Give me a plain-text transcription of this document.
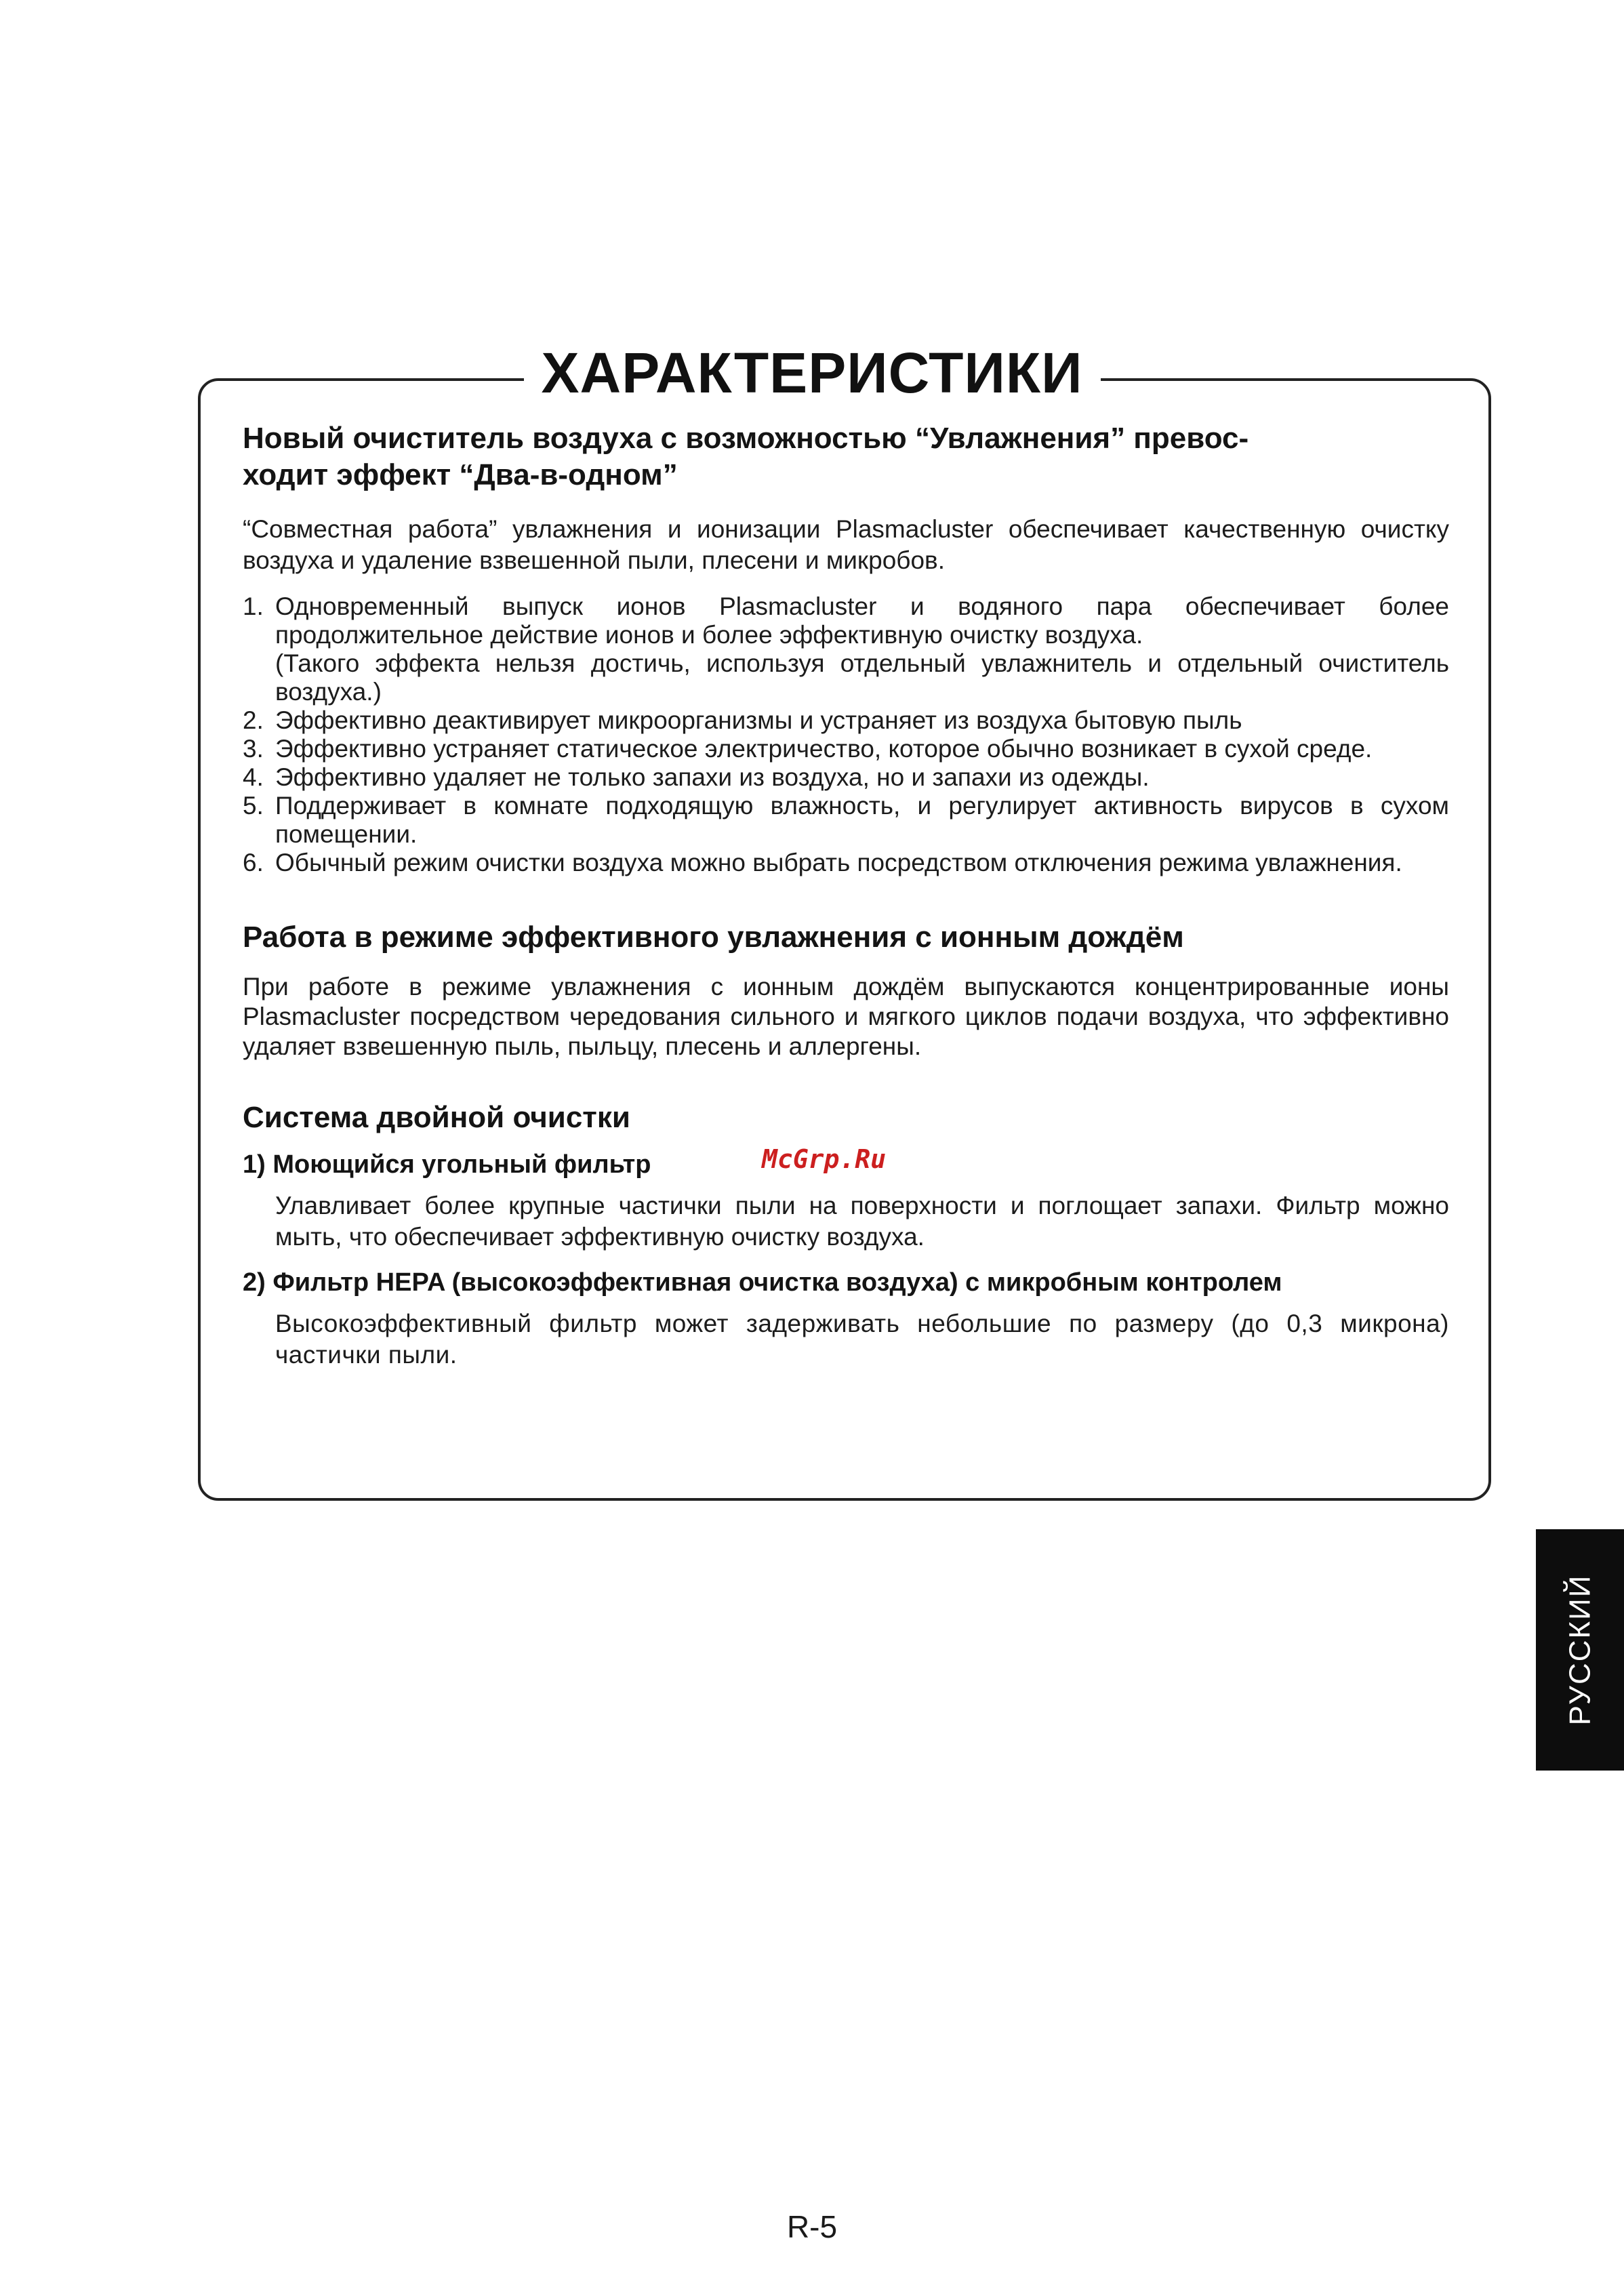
ХАРАКТЕРИСТИКИ
Новый очиститель воздуха с возможностью “Увлажнения” превос-
ходит эффект “Два-в-одном”

“Совместная работа” увлажнения и ионизации Plasmacluster обеспечивает качественную очистку воздуха и удаление взвешенной пыли, плесени и микробов.

1. Одновременный выпуск ионов Plasmacluster и водяного пара обеспечивает более продолжительное действие ионов и более эффективную очистку воздуха.
(Такого эффекта нельзя достичь, используя отдельный увлажнитель и отдельный очиститель воздуха.)
2. Эффективно деактивирует микроорганизмы и устраняет из воздуха бытовую пыль
3. Эффективно устраняет статическое электричество, которое обычно возникает в сухой среде.
4. Эффективно удаляет не только запахи из воздуха, но и запахи из одежды.
5. Поддерживает в комнате подходящую влажность, и регулирует активность вирусов в сухом помещении.
6. Обычный режим очистки воздуха можно выбрать посредством отключения режима увлажнения.
Работа в режиме эффективного увлажнения с ионным дождём

При работе в режиме увлажнения с ионным дождём выпускаются концентрированные ионы Plasmacluster посредством чередования сильного и мягкого циклов подачи воздуха, что эффективно удаляет взвешенную пыль, пыльцу, плесень и аллергены.

Система двойной очистки
1) Моющийся угольный фильтр

Улавливает более крупные частички пыли на поверхности и поглощает запахи. Фильтр можно мыть, что обеспечивает эффективную очистку воздуха.

2) Фильтр HEPA (высокоэффективная очистка воздуха) с микробным контролем

Высокоэффективный фильтр может задерживать небольшие по размеру (до 0,3 микрона) частички пыли.

McGrp.Ru
РУССКИЙ
R-5
